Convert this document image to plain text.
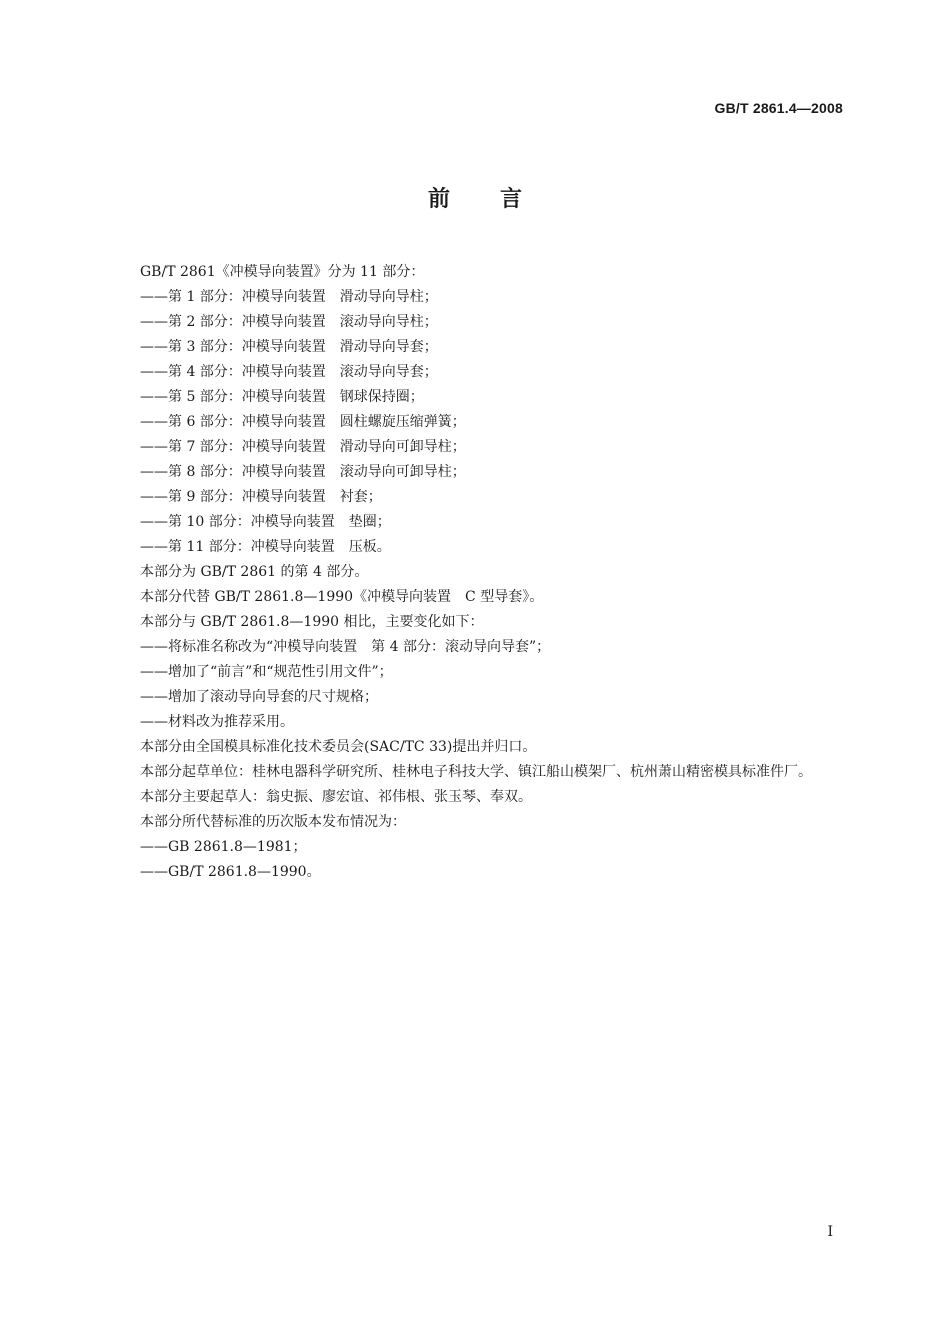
GB/T 2861.4—2008
前言
GB/T 2861《冲模导向装置》分为 11 部分：
——第 1 部分：冲模导向装置　滑动导向导柱；
——第 2 部分：冲模导向装置　滚动导向导柱；
——第 3 部分：冲模导向装置　滑动导向导套；
——第 4 部分：冲模导向装置　滚动导向导套；
——第 5 部分：冲模导向装置　钢球保持圈；
——第 6 部分：冲模导向装置　圆柱螺旋压缩弹簧；
——第 7 部分：冲模导向装置　滑动导向可卸导柱；
——第 8 部分：冲模导向装置　滚动导向可卸导柱；
——第 9 部分：冲模导向装置　衬套；
——第 10 部分：冲模导向装置　垫圈；
——第 11 部分：冲模导向装置　压板。
本部分为 GB/T 2861 的第 4 部分。
本部分代替 GB/T 2861.8—1990《冲模导向装置　C 型导套》。
本部分与 GB/T 2861.8—1990 相比，主要变化如下：
——将标准名称改为“冲模导向装置　第 4 部分：滚动导向导套”；
——增加了“前言”和“规范性引用文件”；
——增加了滚动导向导套的尺寸规格；
——材料改为推荐采用。
本部分由全国模具标准化技术委员会(SAC/TC 33)提出并归口。
本部分起草单位：桂林电器科学研究所、桂林电子科技大学、镇江船山模架厂、杭州萧山精密模具标准件厂。
本部分主要起草人：翁史振、廖宏谊、祁伟根、张玉琴、奉双。
本部分所代替标准的历次版本发布情况为：
——GB 2861.8—1981；
——GB/T 2861.8—1990。
I
